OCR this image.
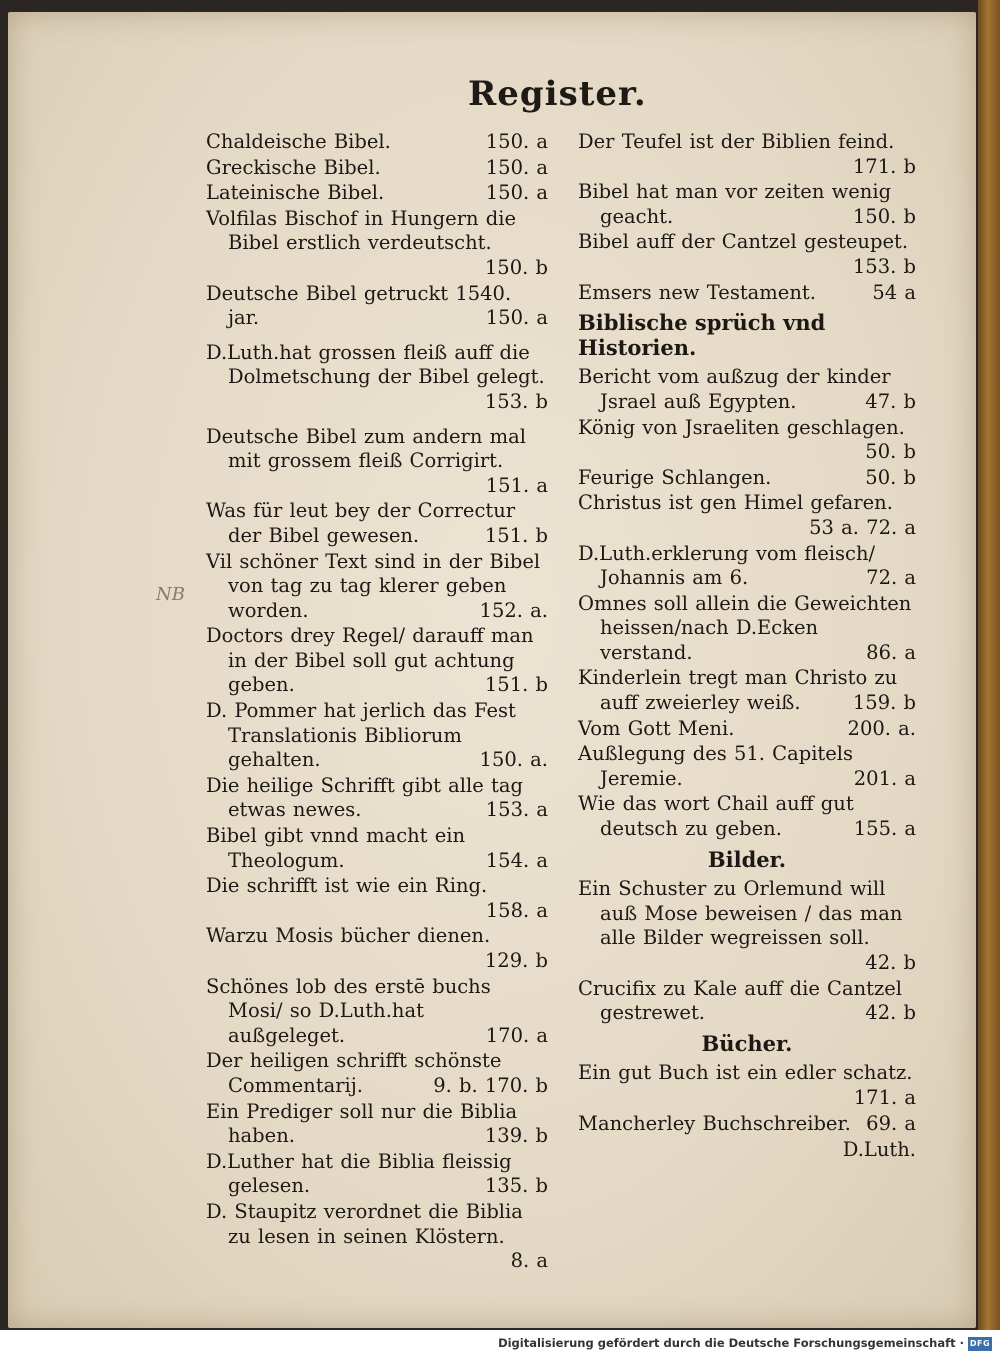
Register.
Chaldeische Bibel.	150. a
Greckische Bibel.	150. a
Lateinische Bibel.	150. a
Volfilas Bischof in Hungern die Bibel erstlich verdeutscht.
150. b
Deutsche Bibel getruckt 1540. jar.	150. a
D.Luth.hat grossen fleiß auff die Dolmetschung der Bibel gelegt.
153. b
Deutsche Bibel zum andern mal mit grossem fleiß Corrigirt.
151. a
Was für leut bey der Correctur der Bibel gewesen.	151. b
Vil schöner Text sind in der Bibel von tag zu tag klerer geben worden.	152. a.
Doctors drey Regel/ darauff man in der Bibel soll gut achtung geben.	151. b
D. Pommer hat jerlich das Fest Translationis Bibliorum gehalten.	150. a.
Die heilige Schrifft gibt alle tag etwas newes.	153. a
Bibel gibt vnnd macht ein Theologum.	154. a
Die schrifft ist wie ein Ring.
158. a
Warzu Mosis bücher dienen.
129. b
Schönes lob des erstē buchs Mosi/ so D.Luth.hat außgeleget.	170. a
Der heiligen schrifft schönste Commentarij.	9. b. 170. b
Ein Prediger soll nur die Biblia haben.	139. b
D.Luther hat die Biblia fleissig gelesen.	135. b
D. Staupitz verordnet die Biblia zu lesen in seinen Klöstern.
8. a
Der Teufel ist der Biblien feind.
171. b
Bibel hat man vor zeiten wenig geacht.	150. b
Bibel auff der Cantzel gesteupet.
153. b
Emsers new Testament.	54 a
Biblische sprüch vnd Historien.
Bericht vom außzug der kinder Jsrael auß Egypten.	47. b
König von Jsraeliten geschlagen.
50. b
Feurige Schlangen.	50. b
Christus ist gen Himel gefaren.
53 a. 72. a
D.Luth.erklerung vom fleisch/ Johannis am 6.	72. a
Omnes soll allein die Geweichten heissen/nach D.Ecken verstand.	86. a
Kinderlein tregt man Christo zu auff zweierley weiß.	159. b
Vom Gott Meni.	200. a.
Außlegung des 51. Capitels Jeremie.	201. a
Wie das wort Chail auff gut deutsch zu geben.	155. a
Bilder.
Ein Schuster zu Orlemund will auß Mose beweisen / das man alle Bilder wegreissen soll.
42. b
Crucifix zu Kale auff die Cantzel gestrewet.	42. b
Bücher.
Ein gut Buch ist ein edler schatz.
171. a
Mancherley Buchschreiber. 69. a
D.Luth.
NB
Digitalisierung gefördert durch die Deutsche Forschungsgemeinschaft · DFG
